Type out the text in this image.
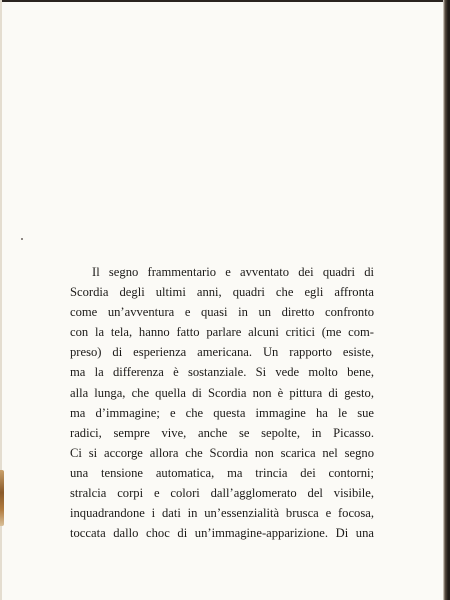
Il segno frammentario e avventato dei quadri di
Scordia degli ultimi anni, quadri che egli affronta
come un’avventura e quasi in un diretto confronto
con la tela, hanno fatto parlare alcuni critici (me com-
preso) di esperienza americana. Un rapporto esiste,
ma la differenza è sostanziale. Si vede molto bene,
alla lunga, che quella di Scordia non è pittura di gesto,
ma d’immagine; e che questa immagine ha le sue
radici, sempre vive, anche se sepolte, in Picasso.
Ci si accorge allora che Scordia non scarica nel segno
una tensione automatica, ma trincia dei contorni;
stralcia corpi e colori dall’agglomerato del visibile,
inquadrandone i dati in un’essenzialità brusca e focosa,
toccata dallo choc di un’immagine-apparizione. Di una
